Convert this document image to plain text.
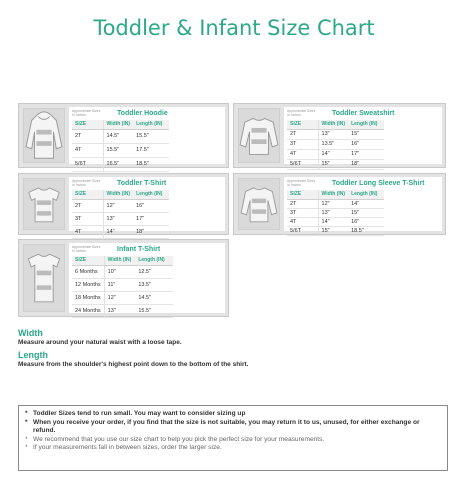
Toddler & Infant Size Chart
Approximate Sizes
In Inches	Toddler Hoodie
SIZE	Width (IN)	Length (IN)
2T	14.5"	15.5"
4T	15.5"	17.5"
5/6T	16.5"	18.5"
Approximate Sizes
In Inches	Toddler Sweatshirt
SIZE	Width (IN)	Length (IN)
2T	13"	15"
3T	13.5"	16"
4T	14"	17"
5/6T	15"	18"
Approximate Sizes
In Inches	Toddler T-Shirt
SIZE	Width (IN)	Length (IN)
2T	12"	16"
3T	13"	17"
4T	14"	18"
Approximate Sizes
In Inches	Toddler Long Sleeve T-Shirt
SIZE	Width (IN)	Length (IN)
2T	12"	14"
3T	13"	15"
4T	14"	16"
5/6T	15"	18.5"
Approximate Sizes
In Inches	Infant T-Shirt
SIZE	Width (IN)	Length (IN)
6 Months	10"	12.5"
12 Months	11"	13.5"
18 Months	12"	14.5"
24 Months	13"	15.5"
Width
Measure around your natural waist with a loose tape.
Length
Measure from the shoulder's highest point down to the bottom of the shirt.
* Toddler Sizes tend to run small. You may want to consider sizing up
* When you receive your order, if you find that the size is not suitable, you may return it to us, unused, for either exchange or refund.
* We recommend that you use our size chart to help you pick the perfect size for your measurements.
* If your measurements fall in between sizes, order the larger size.
